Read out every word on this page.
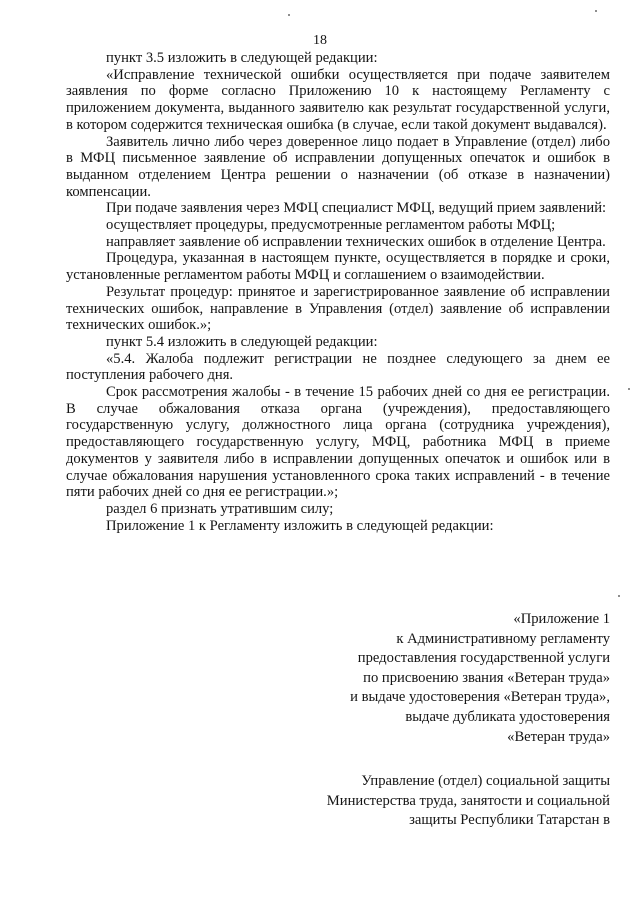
18

пункт 3.5 изложить в следующей редакции:

«Исправление технической ошибки осуществляется при подаче заявителем заявления по форме согласно Приложению 10 к настоящему Регламенту с приложением документа, выданного заявителю как результат государственной услуги, в котором содержится техническая ошибка (в случае, если такой документ выдавался).

Заявитель лично либо через доверенное лицо подает в Управление (отдел) либо в МФЦ письменное заявление об исправлении допущенных опечаток и ошибок в выданном отделением Центра решении о назначении (об отказе в назначении) компенсации.

При подаче заявления через МФЦ специалист МФЦ, ведущий прием заявлений:

осуществляет процедуры, предусмотренные регламентом работы МФЦ;

направляет заявление об исправлении технических ошибок в отделение Центра.

Процедура, указанная в настоящем пункте, осуществляется в порядке и сроки, установленные регламентом работы МФЦ и соглашением о взаимодействии.

Результат процедур: принятое и зарегистрированное заявление об исправлении технических ошибок, направление в Управления (отдел) заявление об исправлении технических ошибок.»;

пункт 5.4 изложить в следующей редакции:

«5.4. Жалоба подлежит регистрации не позднее следующего за днем ее поступления рабочего дня.

Срок рассмотрения жалобы - в течение 15 рабочих дней со дня ее регистрации. В случае обжалования отказа органа (учреждения), предоставляющего государственную услугу, должностного лица органа (сотрудника учреждения), предоставляющего государственную услугу, МФЦ, работника МФЦ в приеме документов у заявителя либо в исправлении допущенных опечаток и ошибок или в случае обжалования нарушения установленного срока таких исправлений - в течение пяти рабочих дней со дня ее регистрации.»;

раздел 6 признать утратившим силу;

Приложение 1 к Регламенту изложить в следующей редакции:

«Приложение 1
к Административному регламенту
предоставления государственной услуги
по присвоению звания «Ветеран труда»
и выдаче удостоверения «Ветеран труда»,
выдаче дубликата удостоверения
«Ветеран труда»
Управление (отдел) социальной защиты
Министерства труда, занятости и социальной
защиты Республики Татарстан в
